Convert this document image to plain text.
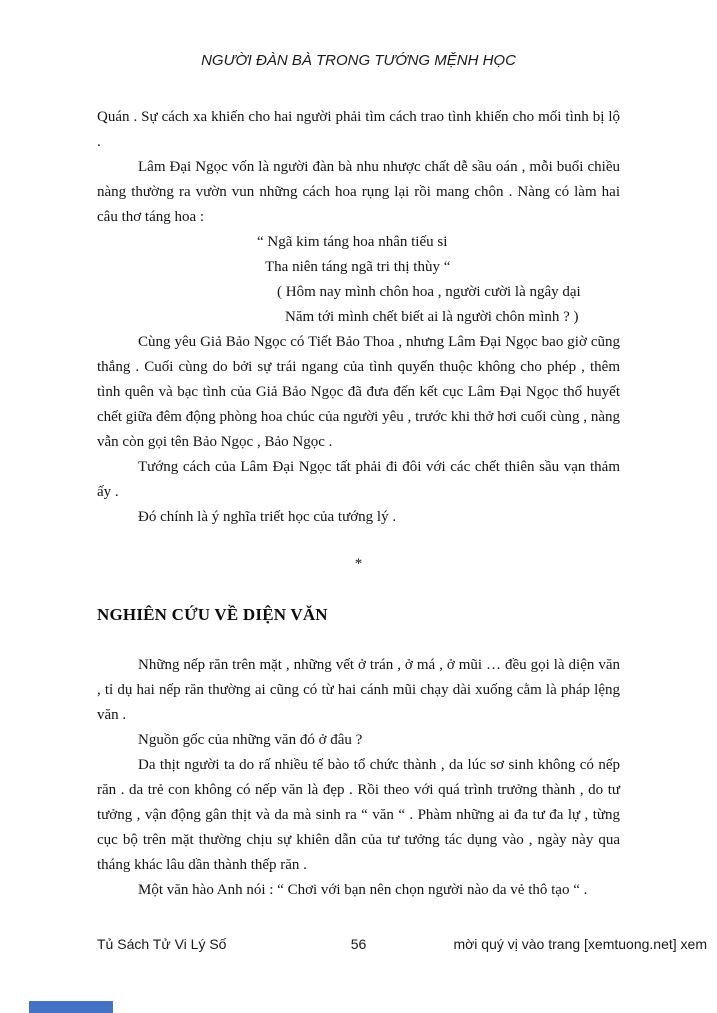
NGƯỜI ĐÀN BÀ TRONG TƯỚNG MỆNH HỌC

Quán . Sự cách xa khiến cho hai người phải tìm cách trao tình khiến cho mối tình bị lộ .

Lâm Đại Ngọc vốn là người đàn bà nhu nhược chất dễ sầu oán , mỗi buổi chiều nàng thường ra vườn vun những cách hoa rụng lại rồi mang chôn . Nàng có làm hai câu thơ táng hoa :

“ Ngã kim táng hoa nhân tiếu si
Tha niên táng ngã tri thị thùy “
( Hôm nay mình chôn hoa , người cười là ngây dại
Năm tới mình chết biết ai là người chôn mình ? )

Cùng yêu Giả Bảo Ngọc có Tiết Bảo Thoa , nhưng Lâm Đại Ngọc bao giờ cũng thắng . Cuối cùng do bởi sự trái ngang của tình quyến thuộc không cho phép , thêm tình quên và bạc tình của Giả Bảo Ngọc đã đưa đến kết cục Lâm Đại Ngọc thổ huyết chết giữa đêm động phòng hoa chúc của người yêu , trước khi thở hơi cuối cùng , nàng vẫn còn gọi tên Bảo Ngọc , Bảo Ngọc .

Tướng cách của Lâm Đại Ngọc tất phải đi đôi với các chết thiên sầu vạn thảm ấy .

Đó chính là ý nghĩa triết học của tướng lý .

*
NGHIÊN CỨU VỀ DIỆN VĂN

Những nếp răn trên mặt , những vết ở trán , ở má , ở mũi … đều gọi là diện văn , tỉ dụ hai nếp răn thường ai cũng có từ hai cánh mũi chạy dài xuống cằm là pháp lệng văn .

Nguồn gốc của những văn đó ở đâu ?

Da thịt người ta do rấ nhiều tế bào tổ chức thành , da lúc sơ sinh không có nếp răn . da trẻ con không có nếp văn là đẹp . Rồi theo với quá trình trưởng thành , do tư tưởng , vận động gân thịt và da mà sinh ra “ văn “ . Phàm những ai đa tư đa lự , từng cục bộ trên mặt thường chịu sự khiên dẫn của tư tưởng tác dụng vào , ngày này qua tháng khác lâu dần thành thếp răn .

Một văn hào Anh nói : “ Chơi với bạn nên chọn người nào da vẻ thô tạo “ .

Tủ Sách Tử Vi Lý Số	56	mời quý vị vào trang [xemtuong.net] xem
